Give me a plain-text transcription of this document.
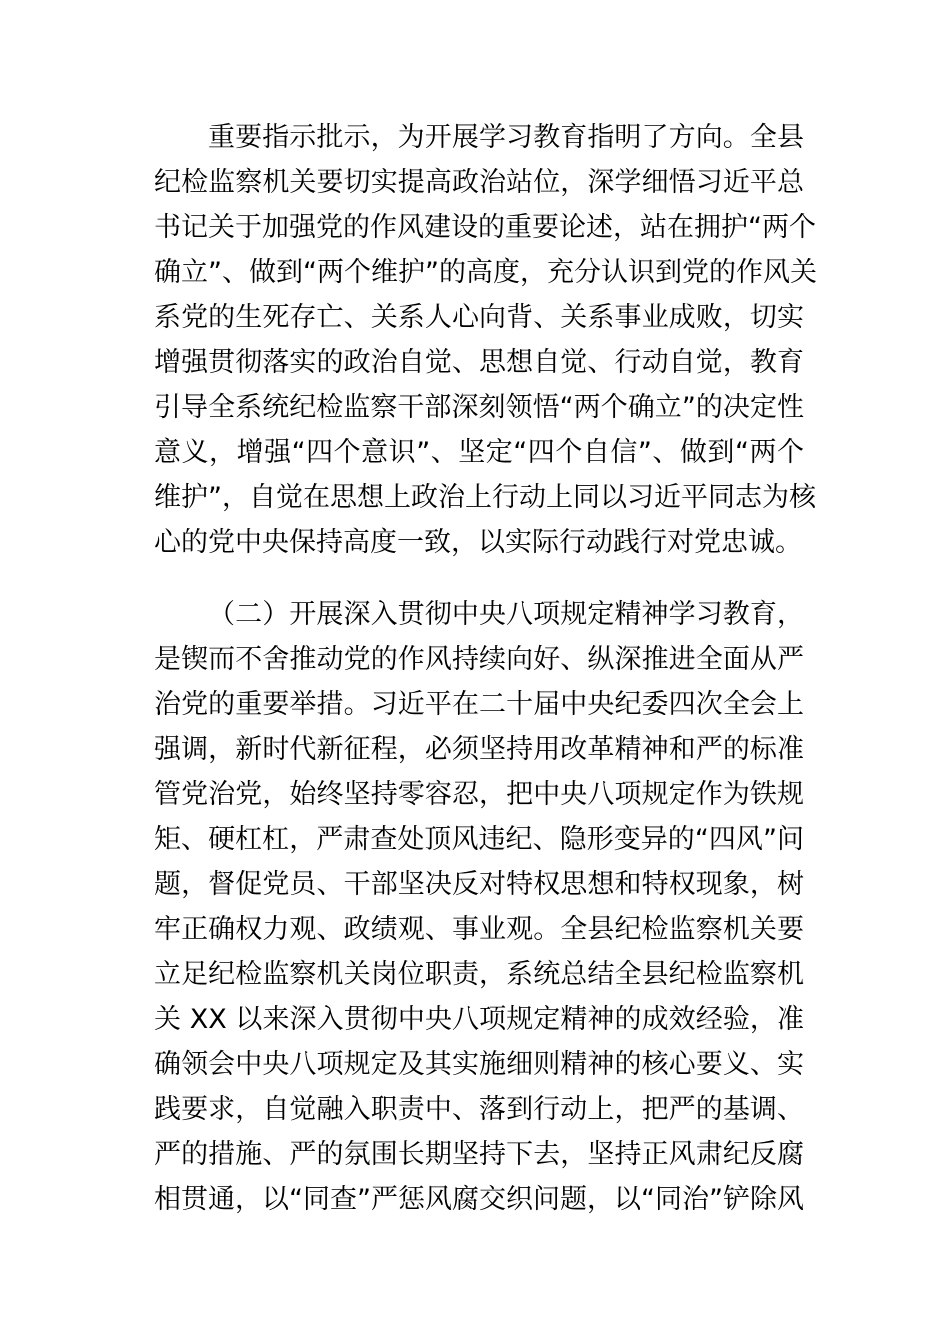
重要指示批示，为开展学习教育指明了方向。全县
纪检监察机关要切实提高政治站位，深学细悟习近平总
书记关于加强党的作风建设的重要论述，站在拥护“两个
确立”、做到“两个维护”的高度，充分认识到党的作风关
系党的生死存亡、关系人心向背、关系事业成败，切实
增强贯彻落实的政治自觉、思想自觉、行动自觉，教育
引导全系统纪检监察干部深刻领悟“两个确立”的决定性
意义，增强“四个意识”、坚定“四个自信”、做到“两个
维护”，自觉在思想上政治上行动上同以习近平同志为核
心的党中央保持高度一致，以实际行动践行对党忠诚。
（二）开展深入贯彻中央八项规定精神学习教育，
是锲而不舍推动党的作风持续向好、纵深推进全面从严
治党的重要举措。习近平在二十届中央纪委四次全会上
强调，新时代新征程，必须坚持用改革精神和严的标准
管党治党，始终坚持零容忍，把中央八项规定作为铁规
矩、硬杠杠，严肃查处顶风违纪、隐形变异的“四风”问
题，督促党员、干部坚决反对特权思想和特权现象，树
牢正确权力观、政绩观、事业观。全县纪检监察机关要
立足纪检监察机关岗位职责，系统总结全县纪检监察机
关 XX 以来深入贯彻中央八项规定精神的成效经验，准
确领会中央八项规定及其实施细则精神的核心要义、实
践要求，自觉融入职责中、落到行动上，把严的基调、
严的措施、严的氛围长期坚持下去，坚持正风肃纪反腐
相贯通，以“同查”严惩风腐交织问题，以“同治”铲除风
